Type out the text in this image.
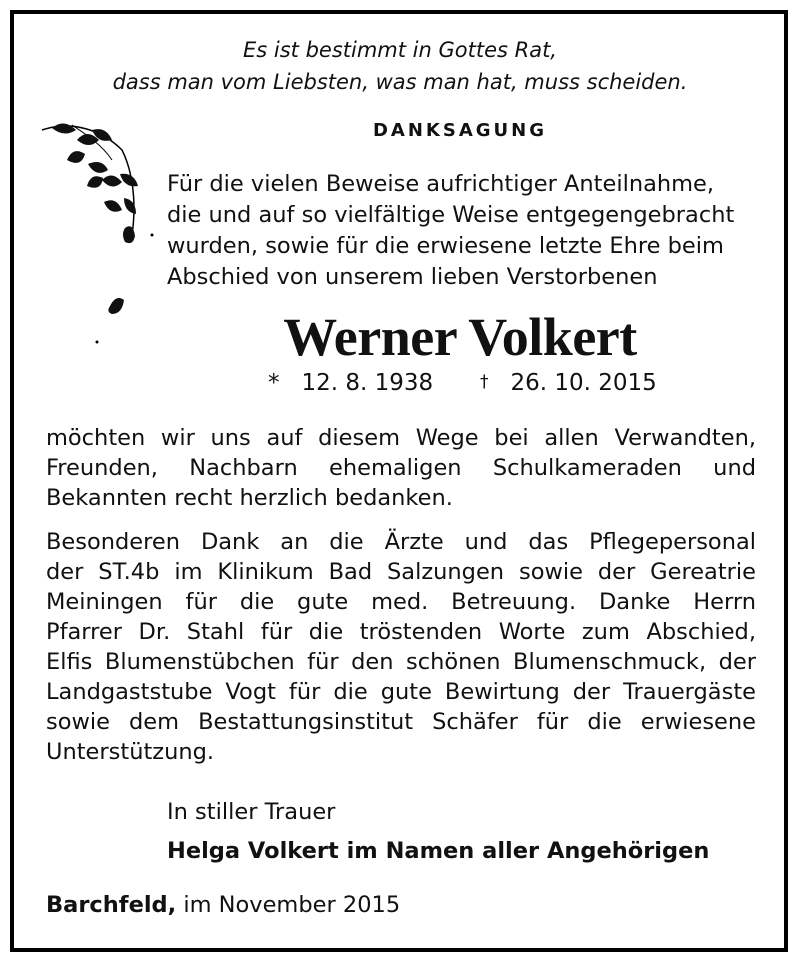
Es ist bestimmt in Gottes Rat,
dass man vom Liebsten, was man hat, muss scheiden.
DANKSAGUNG
Für die vielen Beweise aufrichtiger Anteilnahme,
die und auf so vielfältige Weise entgegengebracht
wurden, sowie für die erwiesene letzte Ehre beim
Abschied von unserem lieben Verstorbenen
Werner Volkert
* 12. 8. 1938	† 26. 10. 2015
möchten wir uns auf diesem Wege bei allen Verwandten,
Freunden, Nachbarn ehemaligen Schulkameraden und
Bekannten recht herzlich bedanken.
Besonderen Dank an die Ärzte und das Pflegepersonal
der ST.4b im Klinikum Bad Salzungen sowie der Gereatrie
Meiningen für die gute med. Betreuung. Danke Herrn
Pfarrer Dr. Stahl für die tröstenden Worte zum Abschied,
Elfis Blumenstübchen für den schönen Blumenschmuck, der
Landgaststube Vogt für die gute Bewirtung der Trauergäste
sowie dem Bestattungsinstitut Schäfer für die erwiesene
Unterstützung.
In stiller Trauer
Helga Volkert im Namen aller Angehörigen
Barchfeld, im November 2015
